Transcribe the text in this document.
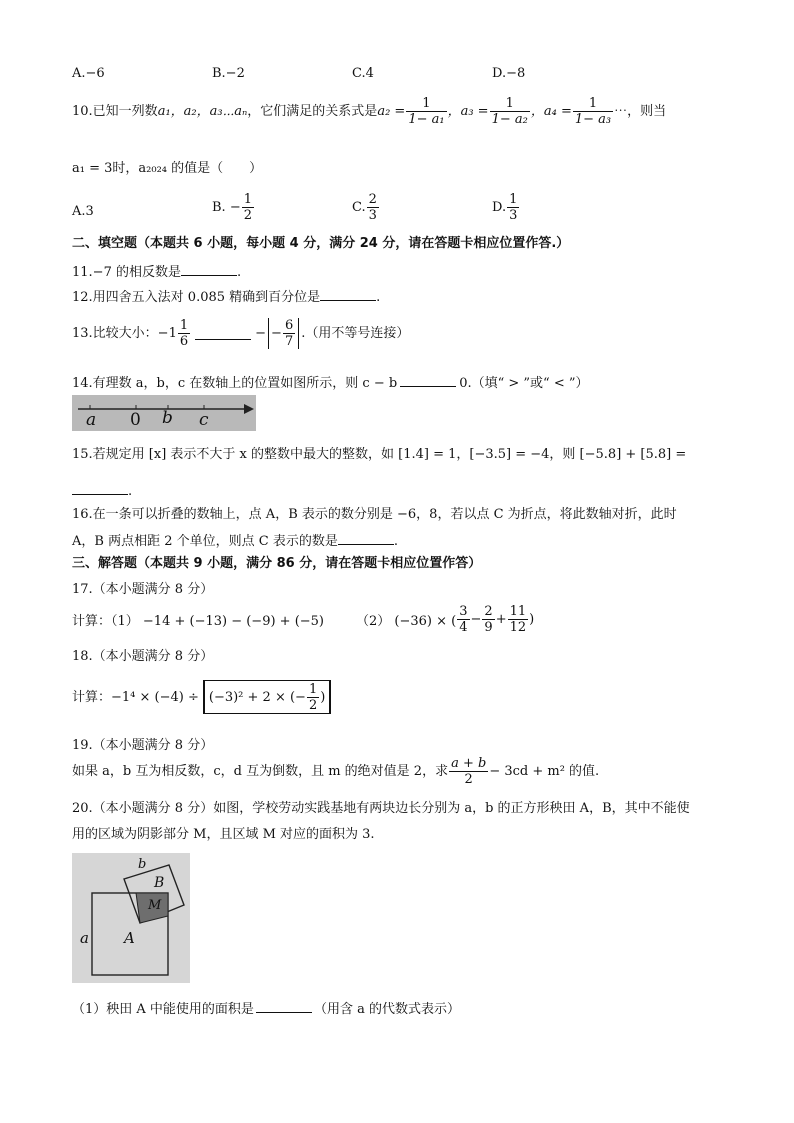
A.−6	B.−2	C.4	D.−8
10.已知一列数 a₁，a₂，a₃⋯aₙ ，它们满足的关系式是 $a_2 = \frac{1}{\text{1− a₁}}$ ，$a_3 = \frac{1}{\text{1− a₂}}$ ，$a_4 = \frac{1}{\text{1− a₃}}$ ⋯，则当
a₁ = 3时，a₂₀₂₄ 的值是（　　）
A.3	B. − $\frac{1}{2}$	C. $\frac{2}{3}$	D. $\frac{1}{3}$
二、填空题（本题共 6 小题，每小题 4 分，满分 24 分，请在答题卡相应位置作答.）
11.−7 的相反数是	.
12.用四舍五入法对 0.085 精确到百分位是	.
13.比较大小：$-1 \frac{1}{6}$	− − $\frac{6}{7}$ .（用不等号连接）
14.有理数 a，b，c 在数轴上的位置如图所示，则 c − b	0.（填“ > ”或“ < ”）
a 0 b c
15.若规定用 [x] 表示不大于 x 的整数中最大的整数，如 [1.4] = 1，[−3.5] = −4，则 [−5.8] + [5.8] =
.
16.在一条可以折叠的数轴上，点 A，B 表示的数分别是 −6，8，若以点 C 为折点，将此数轴对折，此时
A，B 两点相距 2 个单位，则点 C 表示的数是	.
三、解答题（本题共 9 小题，满分 86 分，请在答题卡相应位置作答）
17.（本小题满分 8 分）
计算：（1） −14 + (−13) − (−9) + (−5) （2） (−36) × ( $\frac{3}{4} - \frac{2}{9} + \frac{11}{12}$ )
18.（本小题满分 8 分）
计算：−1⁴ × (−4) ÷ (−3)² + 2 × (− $\frac{1}{2}$ )
19.（本小题满分 8 分）
如果 a，b 互为相反数，c，d 互为倒数，且 m 的绝对值是 2，求 $\frac{a + b}{2} - 3cd + m^2$ 的值.
20.（本小题满分 8 分）如图，学校劳动实践基地有两块边长分别为 a，b 的正方形秧田 A，B，其中不能使
用的区域为阴影部分 M，且区域 M 对应的面积为 3.
b
B
M
a A
（1）秧田 A 中能使用的面积是	（用含 a 的代数式表示）
